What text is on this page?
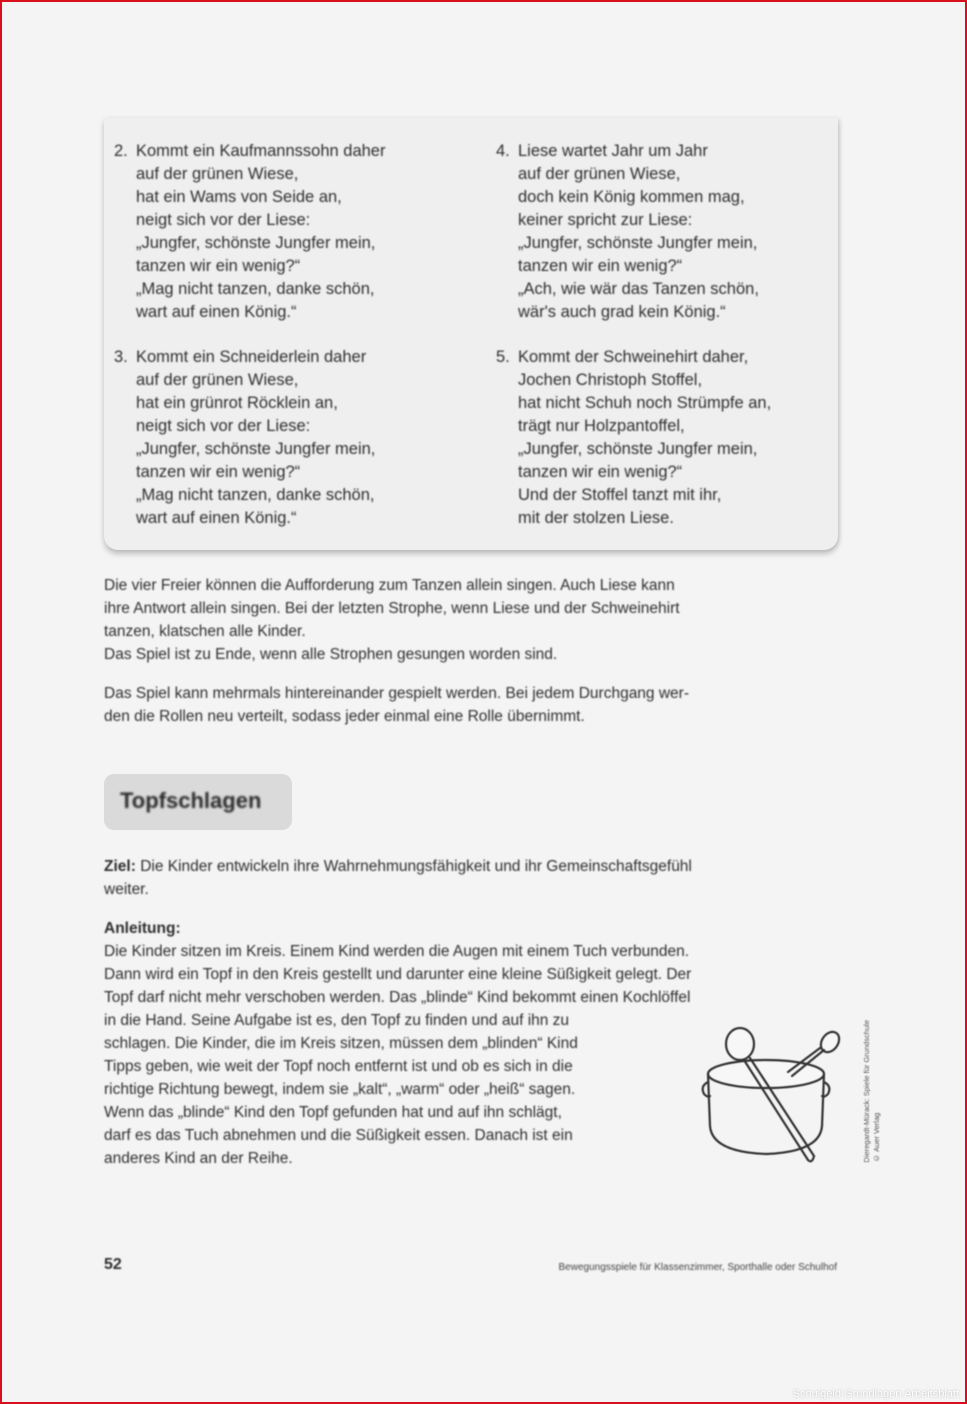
2. Kommt ein Kaufmannssohn daher
auf der grünen Wiese,
hat ein Wams von Seide an,
neigt sich vor der Liese:
„Jungfer, schönste Jungfer mein,
tanzen wir ein wenig?“
„Mag nicht tanzen, danke schön,
wart auf einen König.“
3. Kommt ein Schneiderlein daher
auf der grünen Wiese,
hat ein grünrot Röcklein an,
neigt sich vor der Liese:
„Jungfer, schönste Jungfer mein,
tanzen wir ein wenig?“
„Mag nicht tanzen, danke schön,
wart auf einen König.“
4. Liese wartet Jahr um Jahr
auf der grünen Wiese,
doch kein König kommen mag,
keiner spricht zur Liese:
„Jungfer, schönste Jungfer mein,
tanzen wir ein wenig?“
„Ach, wie wär das Tanzen schön,
wär's auch grad kein König.“
5. Kommt der Schweinehirt daher,
Jochen Christoph Stoffel,
hat nicht Schuh noch Strümpfe an,
trägt nur Holzpantoffel,
„Jungfer, schönste Jungfer mein,
tanzen wir ein wenig?“
Und der Stoffel tanzt mit ihr,
mit der stolzen Liese.
Die vier Freier können die Aufforderung zum Tanzen allein singen. Auch Liese kann
ihre Antwort allein singen. Bei der letzten Strophe, wenn Liese und der Schweinehirt
tanzen, klatschen alle Kinder.
Das Spiel ist zu Ende, wenn alle Strophen gesungen worden sind.
Das Spiel kann mehrmals hintereinander gespielt werden. Bei jedem Durchgang wer-
den die Rollen neu verteilt, sodass jeder einmal eine Rolle übernimmt.
Topfschlagen
Ziel: Die Kinder entwickeln ihre Wahrnehmungsfähigkeit und ihr Gemeinschaftsgefühl
weiter.
Anleitung:
Die Kinder sitzen im Kreis. Einem Kind werden die Augen mit einem Tuch verbunden.
Dann wird ein Topf in den Kreis gestellt und darunter eine kleine Süßigkeit gelegt. Der
Topf darf nicht mehr verschoben werden. Das „blinde“ Kind bekommt einen Kochlöffel
in die Hand. Seine Aufgabe ist es, den Topf zu finden und auf ihn zu
schlagen. Die Kinder, die im Kreis sitzen, müssen dem „blinden“ Kind
Tipps geben, wie weit der Topf noch entfernt ist und ob es sich in die
richtige Richtung bewegt, indem sie „kalt“, „warm“ oder „heiß“ sagen.
Wenn das „blinde“ Kind den Topf gefunden hat und auf ihn schlägt,
darf es das Tuch abnehmen und die Süßigkeit essen. Danach ist ein
anderes Kind an der Reihe.	Dieregardt-Mürack: Spiele für Grundschule
© Auer Verlag
52	Bewegungsspiele für Klassenzimmer, Sporthalle oder Schulhof
Schulgeld Grundlagen Arbeitsblatt
